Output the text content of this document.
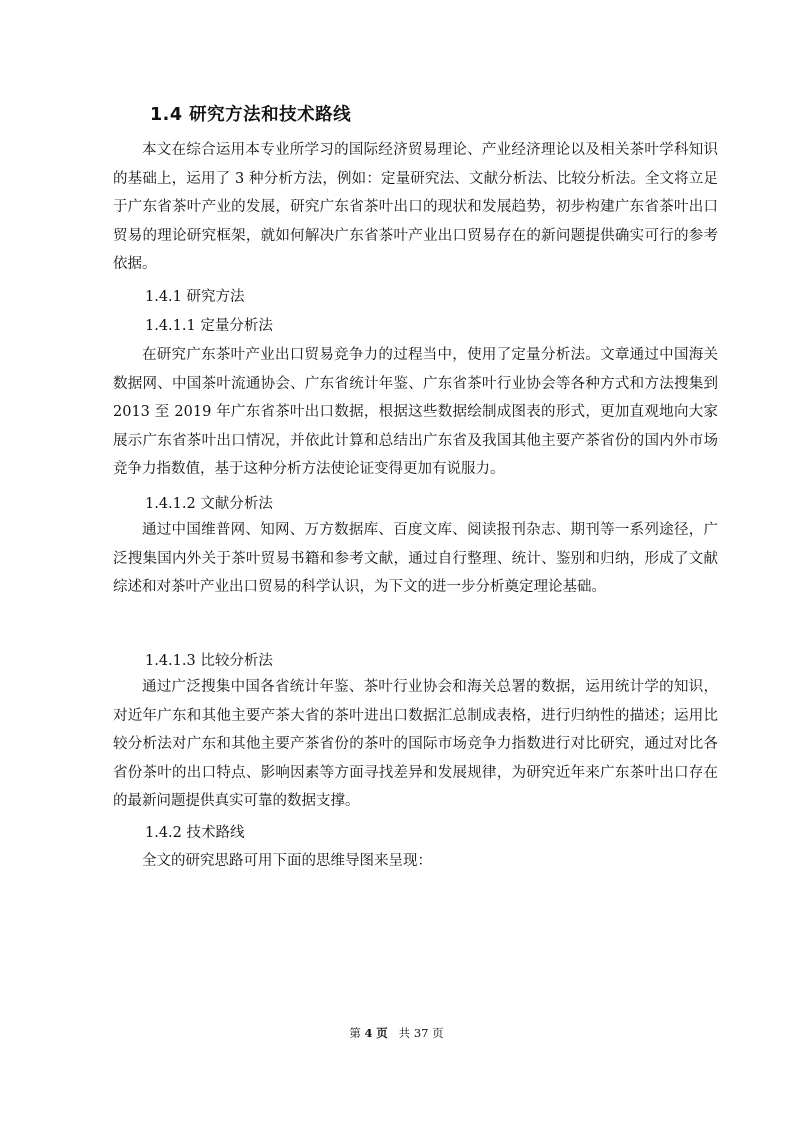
1.4 研究方法和技术路线

本文在综合运用本专业所学习的国际经济贸易理论、产业经济理论以及相关茶叶学科知识的基础上，运用了 3 种分析方法，例如：定量研究法、文献分析法、比较分析法。全文将立足于广东省茶叶产业的发展，研究广东省茶叶出口的现状和发展趋势，初步构建广东省茶叶出口贸易的理论研究框架，就如何解决广东省茶叶产业出口贸易存在的新问题提供确实可行的参考依据。

1.4.1 研究方法
1.4.1.1 定量分析法

在研究广东茶叶产业出口贸易竞争力的过程当中，使用了定量分析法。文章通过中国海关数据网、中国茶叶流通协会、广东省统计年鉴、广东省茶叶行业协会等各种方式和方法搜集到 2013 至 2019 年广东省茶叶出口数据，根据这些数据绘制成图表的形式，更加直观地向大家展示广东省茶叶出口情况，并依此计算和总结出广东省及我国其他主要产茶省份的国内外市场竞争力指数值，基于这种分析方法使论证变得更加有说服力。

1.4.1.2 文献分析法

通过中国维普网、知网、万方数据库、百度文库、阅读报刊杂志、期刊等一系列途径，广泛搜集国内外关于茶叶贸易书籍和参考文献，通过自行整理、统计、鉴别和归纳，形成了文献综述和对茶叶产业出口贸易的科学认识，为下文的进一步分析奠定理论基础。

1.4.1.3 比较分析法

通过广泛搜集中国各省统计年鉴、茶叶行业协会和海关总署的数据，运用统计学的知识，对近年广东和其他主要产茶大省的茶叶进出口数据汇总制成表格，进行归纳性的描述；运用比较分析法对广东和其他主要产茶省份的茶叶的国际市场竞争力指数进行对比研究，通过对比各省份茶叶的出口特点、影响因素等方面寻找差异和发展规律，为研究近年来广东茶叶出口存在的最新问题提供真实可靠的数据支撑。

1.4.2 技术路线

全文的研究思路可用下面的思维导图来呈现：

第 4 页 共 37 页
